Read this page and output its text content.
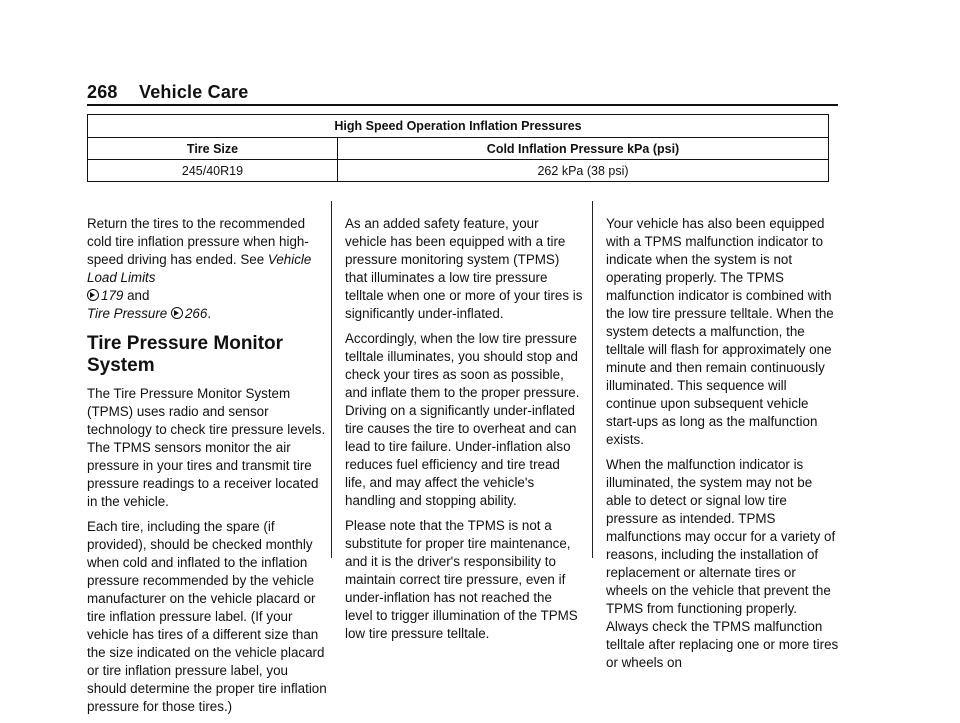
268 Vehicle Care
High Speed Operation Inflation Pressures	
Tire Size	Cold Inflation Pressure kPa (psi)
245/40R19	262 kPa (38 psi)

Return the tires to the recommended cold tire inflation pressure when high-speed driving has ended. See Vehicle Load Limits
179 and
Tire Pressure 266.

Tire Pressure Monitor System

The Tire Pressure Monitor System (TPMS) uses radio and sensor technology to check tire pressure levels. The TPMS sensors monitor the air pressure in your tires and transmit tire pressure readings to a receiver located in the vehicle.

Each tire, including the spare (if provided), should be checked monthly when cold and inflated to the inflation pressure recommended by the vehicle manufacturer on the vehicle placard or tire inflation pressure label. (If your vehicle has tires of a different size than the size indicated on the vehicle placard or tire inflation pressure label, you should determine the proper tire inflation pressure for those tires.)

As an added safety feature, your vehicle has been equipped with a tire pressure monitoring system (TPMS) that illuminates a low tire pressure telltale when one or more of your tires is significantly under-inflated.

Accordingly, when the low tire pressure telltale illuminates, you should stop and check your tires as soon as possible, and inflate them to the proper pressure. Driving on a significantly under-inflated tire causes the tire to overheat and can lead to tire failure. Under-inflation also reduces fuel efficiency and tire tread life, and may affect the vehicle's handling and stopping ability.

Please note that the TPMS is not a substitute for proper tire maintenance, and it is the driver's responsibility to maintain correct tire pressure, even if under-inflation has not reached the level to trigger illumination of the TPMS low tire pressure telltale.

Your vehicle has also been equipped with a TPMS malfunction indicator to indicate when the system is not operating properly. The TPMS malfunction indicator is combined with the low tire pressure telltale. When the system detects a malfunction, the telltale will flash for approximately one minute and then remain continuously illuminated. This sequence will continue upon subsequent vehicle start-ups as long as the malfunction exists.

When the malfunction indicator is illuminated, the system may not be able to detect or signal low tire pressure as intended. TPMS malfunctions may occur for a variety of reasons, including the installation of replacement or alternate tires or wheels on the vehicle that prevent the TPMS from functioning properly. Always check the TPMS malfunction telltale after replacing one or more tires or wheels on
